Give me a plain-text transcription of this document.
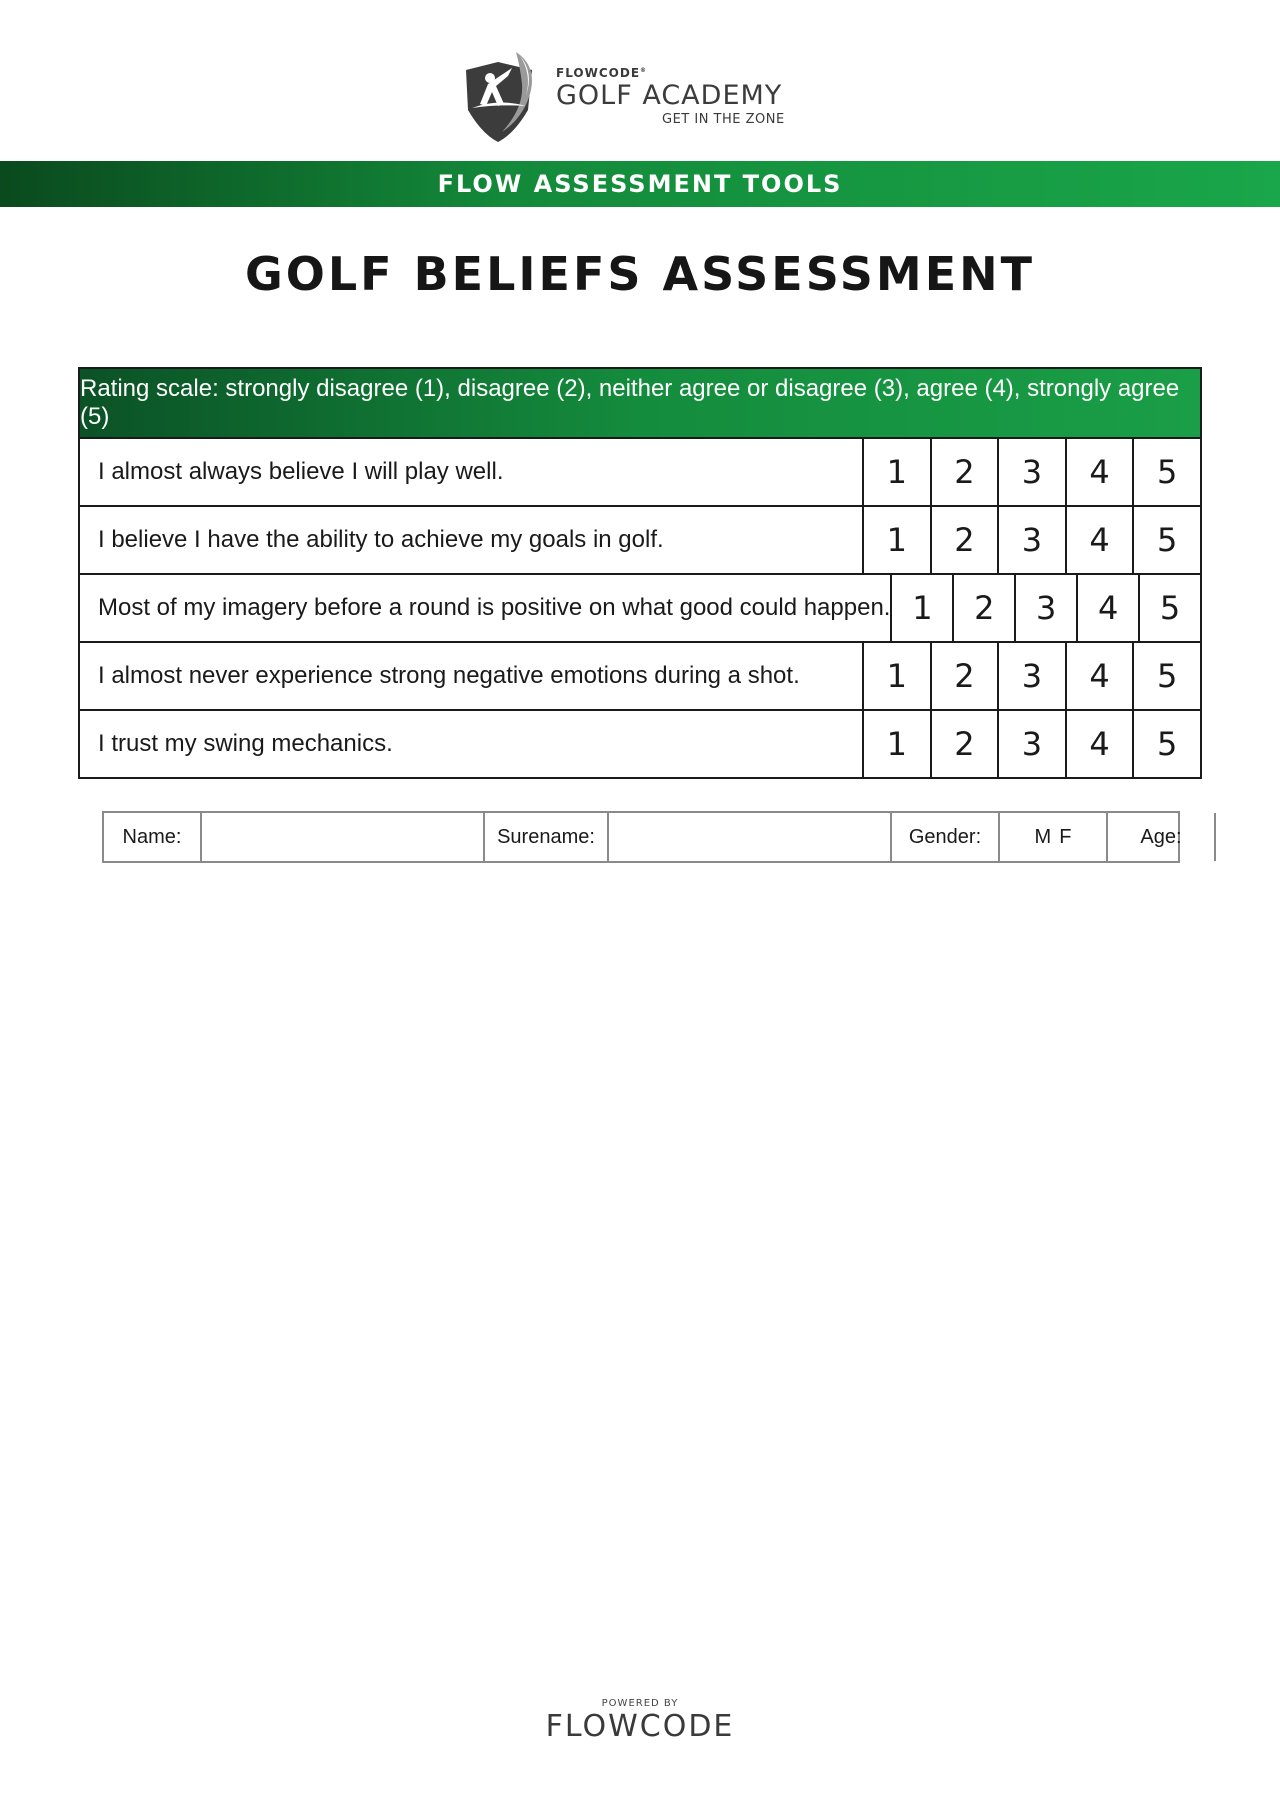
FLOWCODE®
GOLF ACADEMY
GET IN THE ZONE
FLOW ASSESSMENT TOOLS
GOLF BELIEFS ASSESSMENT
Rating scale: strongly disagree (1), disagree (2), neither agree or disagree (3), agree (4), strongly agree (5)
I almost always believe I will play well.	1	2	3	4	5
I believe I have the ability to achieve my goals in golf.	1	2	3	4	5
Most of my imagery before a round is positive on what good could happen. 1	2	3	4	5
I almost never experience strong negative emotions during a shot.	1	2	3	4	5
I trust my swing mechanics.	1	2	3	4	5
Name:	Surename:	Gender:	M F	Age:
POWERED BY
FLOWCODE
